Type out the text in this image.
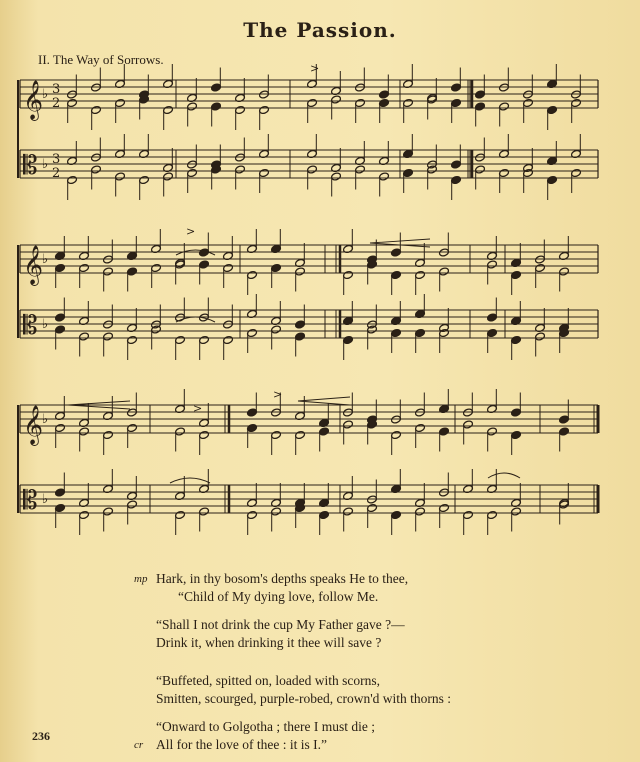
The Passion.
II. The Way of Sorrows.
𝄞
♭ 3
2
𝄡 ♭ 3
2
𝄞
♭
𝄡 ♭
𝄞
♭
𝄡 ♭
>
>
>
>
mp Hark, in thy bosom's depths speaks He to thee,
“Child of My dying love, follow Me.
“Shall I not drink the cup My Father gave ?—
Drink it, when drinking it thee will save ?
“Buffeted, spitted on, loaded with scorns,
Smitten, scourged, purple-robed, crown'd with thorns :
“Onward to Golgotha ; there I must die ;
cr All for the love of thee : it is I.”
236
